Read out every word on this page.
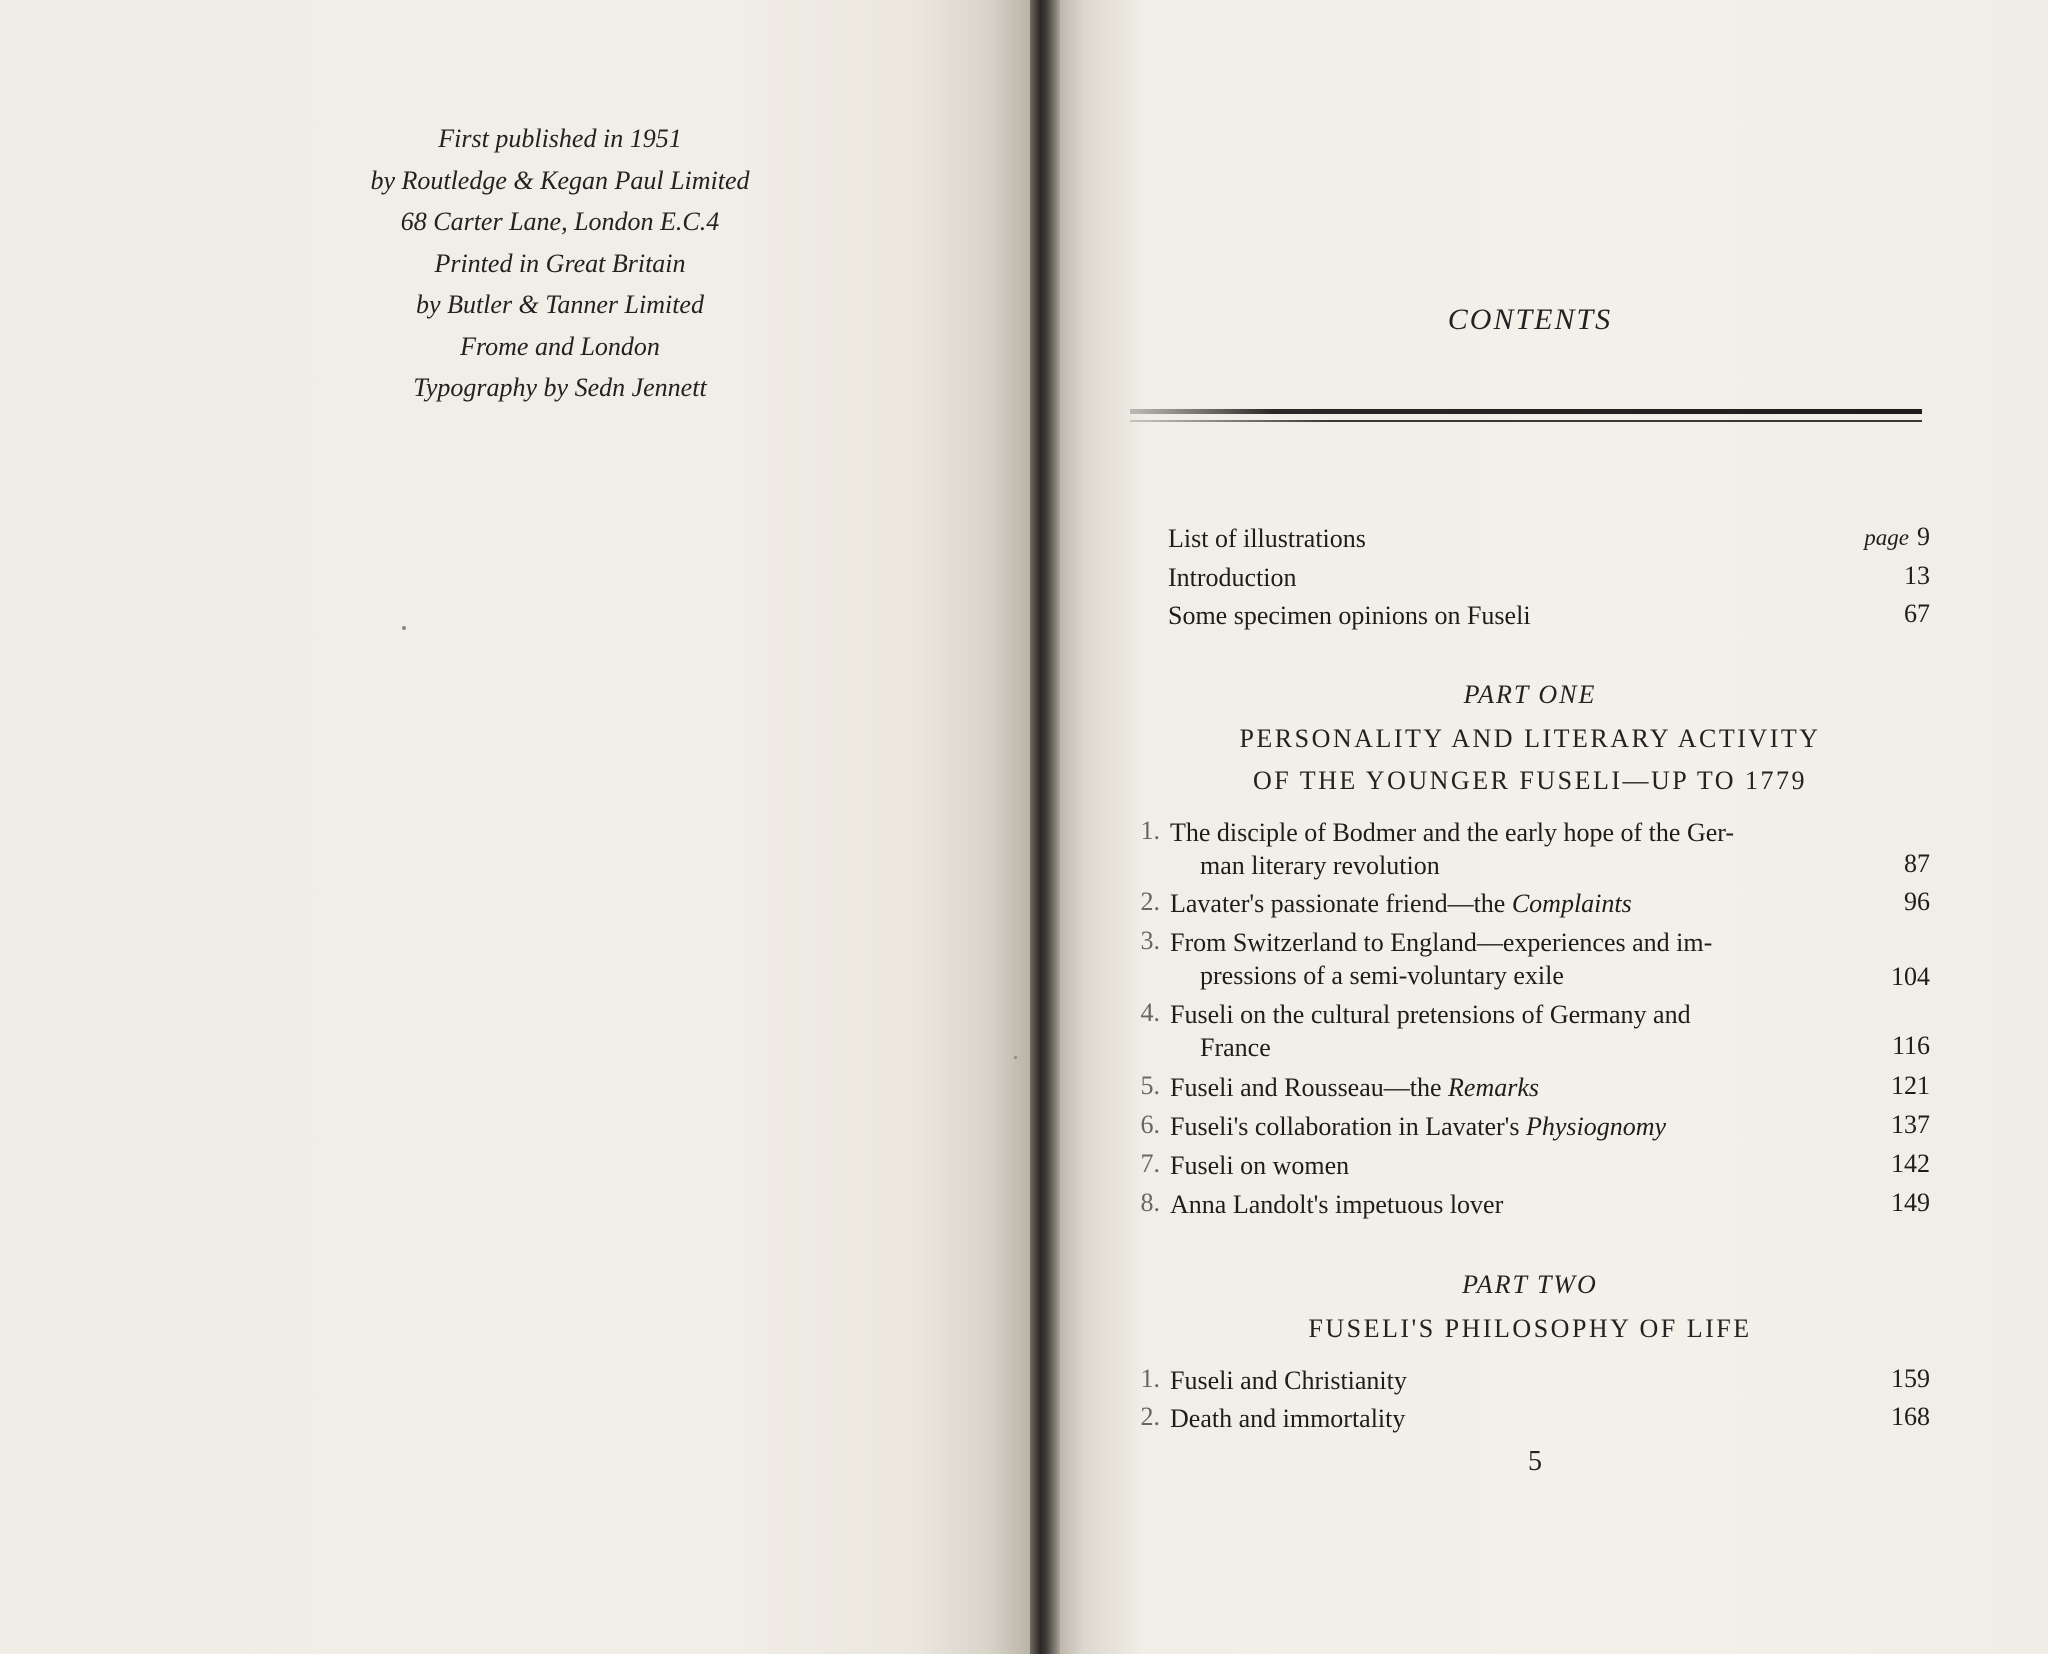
First published in 1951
by Routledge & Kegan Paul Limited
68 Carter Lane, London E.C.4
Printed in Great Britain
by Butler & Tanner Limited
Frome and London
Typography by Sedn Jennett
CONTENTS
List of illustrations	page 9
Introduction	13
Some specimen opinions on Fuseli	67
PART ONE
PERSONALITY AND LITERARY ACTIVITY
OF THE YOUNGER FUSELI—UP TO 1779
1. The disciple of Bodmer and the early hope of the Ger-
man literary revolution	87
2. Lavater's passionate friend—the Complaints	96
3. From Switzerland to England—experiences and im-
pressions of a semi-voluntary exile	104
4. Fuseli on the cultural pretensions of Germany and
France	116
5. Fuseli and Rousseau—the Remarks	121
6. Fuseli's collaboration in Lavater's Physiognomy	137
7. Fuseli on women	142
8. Anna Landolt's impetuous lover	149
PART TWO
FUSELI'S PHILOSOPHY OF LIFE
1. Fuseli and Christianity	159
2. Death and immortality	168
5
